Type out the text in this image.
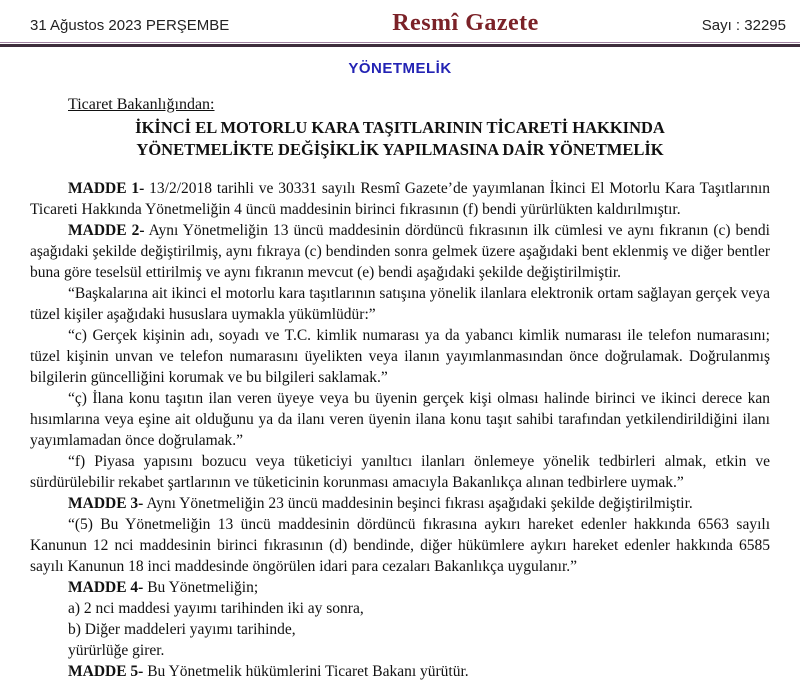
31 Ağustos 2023 PERŞEMBE	Resmî Gazete	Sayı : 32295
YÖNETMELİK

Ticaret Bakanlığından:

İKİNCİ EL MOTORLU KARA TAŞITLARININ TİCARETİ HAKKINDA
YÖNETMELİKTE DEĞİŞİKLİK YAPILMASINA DAİR YÖNETMELİK

MADDE 1- 13/2/2018 tarihli ve 30331 sayılı Resmî Gazete’de yayımlanan İkinci El Motorlu Kara Taşıtlarının Ticareti Hakkında Yönetmeliğin 4 üncü maddesinin birinci fıkrasının (f) bendi yürürlükten kaldırılmıştır.

MADDE 2- Aynı Yönetmeliğin 13 üncü maddesinin dördüncü fıkrasının ilk cümlesi ve aynı fıkranın (c) bendi aşağıdaki şekilde değiştirilmiş, aynı fıkraya (c) bendinden sonra gelmek üzere aşağıdaki bent eklenmiş ve diğer bentler buna göre teselsül ettirilmiş ve aynı fıkranın mevcut (e) bendi aşağıdaki şekilde değiştirilmiştir.

“Başkalarına ait ikinci el motorlu kara taşıtlarının satışına yönelik ilanlara elektronik ortam sağlayan gerçek veya tüzel kişiler aşağıdaki hususlara uymakla yükümlüdür:”

“c) Gerçek kişinin adı, soyadı ve T.C. kimlik numarası ya da yabancı kimlik numarası ile telefon numarasını; tüzel kişinin unvan ve telefon numarasını üyelikten veya ilanın yayımlanmasından önce doğrulamak. Doğrulanmış bilgilerin güncelliğini korumak ve bu bilgileri saklamak.”

“ç) İlana konu taşıtın ilan veren üyeye veya bu üyenin gerçek kişi olması halinde birinci ve ikinci derece kan hısımlarına veya eşine ait olduğunu ya da ilanı veren üyenin ilana konu taşıt sahibi tarafından yetkilendirildiğini ilanı yayımlamadan önce doğrulamak.”

“f) Piyasa yapısını bozucu veya tüketiciyi yanıltıcı ilanları önlemeye yönelik tedbirleri almak, etkin ve sürdürülebilir rekabet şartlarının ve tüketicinin korunması amacıyla Bakanlıkça alınan tedbirlere uymak.”

MADDE 3- Aynı Yönetmeliğin 23 üncü maddesinin beşinci fıkrası aşağıdaki şekilde değiştirilmiştir.

“(5) Bu Yönetmeliğin 13 üncü maddesinin dördüncü fıkrasına aykırı hareket edenler hakkında 6563 sayılı Kanunun 12 nci maddesinin birinci fıkrasının (d) bendinde, diğer hükümlere aykırı hareket edenler hakkında 6585 sayılı Kanunun 18 inci maddesinde öngörülen idari para cezaları Bakanlıkça uygulanır.”

MADDE 4- Bu Yönetmeliğin;

a) 2 nci maddesi yayımı tarihinden iki ay sonra,

b) Diğer maddeleri yayımı tarihinde,

yürürlüğe girer.

MADDE 5- Bu Yönetmelik hükümlerini Ticaret Bakanı yürütür.
